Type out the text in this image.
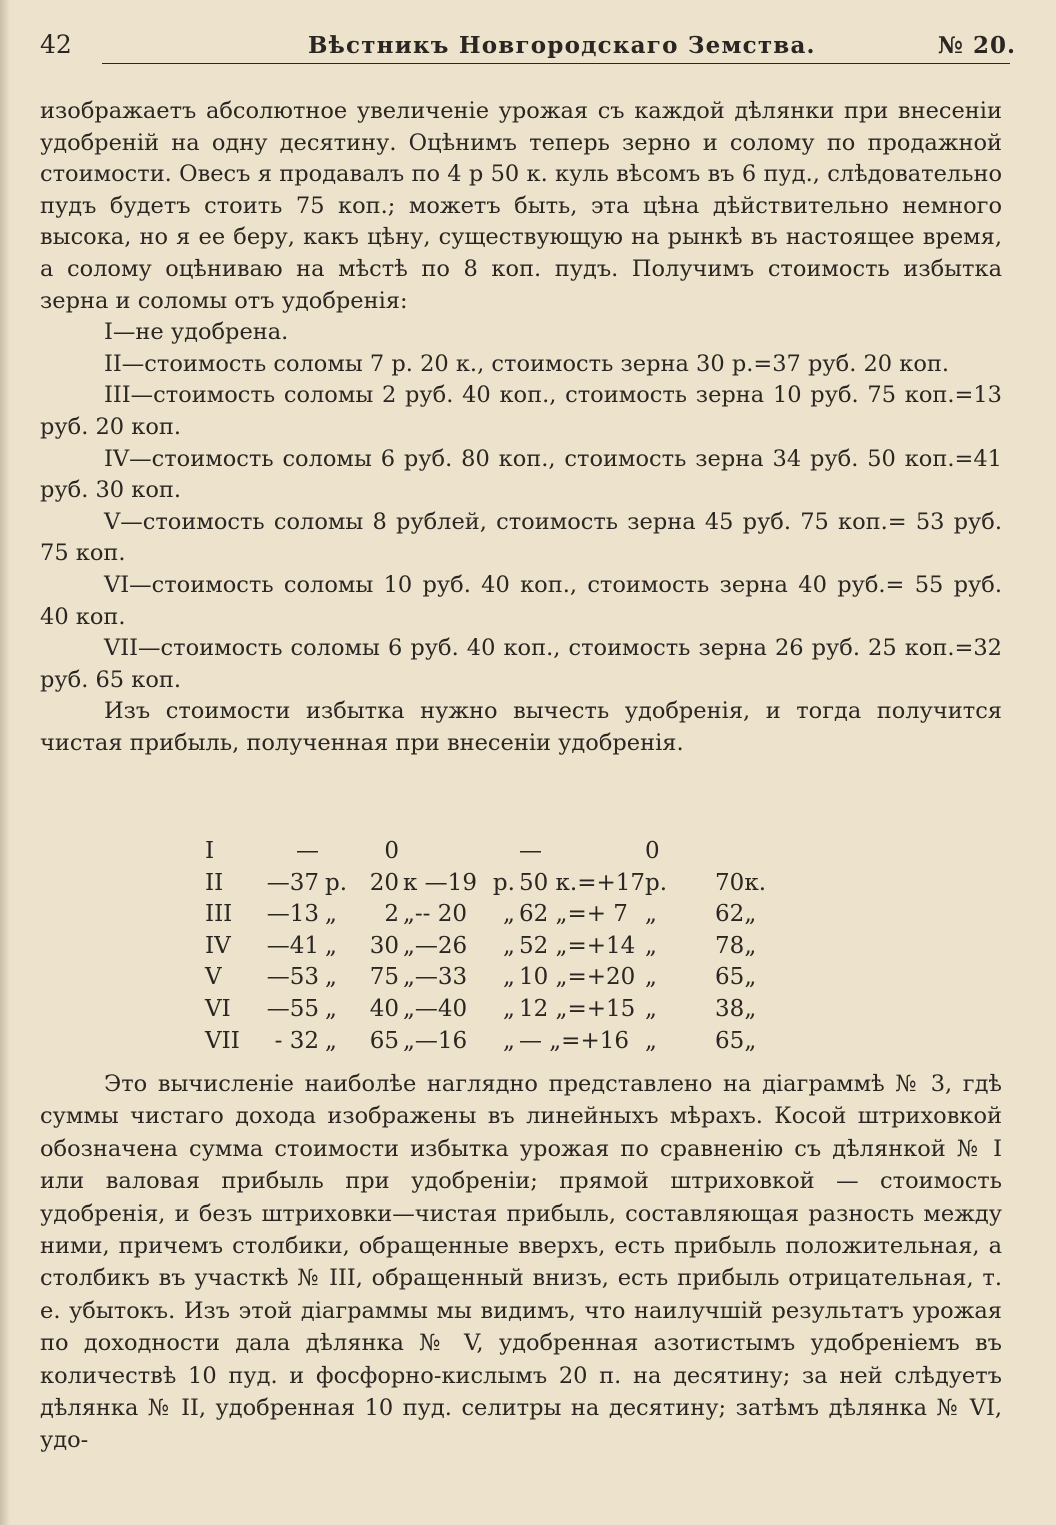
42	Вѣстникъ Новгородскаго Земства.	№ 20.

изображаетъ абсолютное увеличеніе урожая съ каждой дѣлянки при внесеніи удобреній на одну десятину. Оцѣнимъ теперь зерно и солому по продажной стоимости. Овесъ я продавалъ по 4 р 50 к. куль вѣсомъ въ 6 пуд., слѣдовательно пудъ будетъ стоить 75 коп.; можетъ быть, эта цѣна дѣйствительно немного высока, но я ее беру, какъ цѣну, существующую на рынкѣ въ настоящее время, а солому оцѣниваю на мѣстѣ по 8 коп. пудъ. Получимъ стоимость избытка зерна и соломы отъ удобренія:

I—не удобрена.

II—стоимость соломы 7 р. 20 к., стоимость зерна 30 р.=37 руб. 20 коп.

III—стоимость соломы 2 руб. 40 коп., стоимость зерна 10 руб. 75 коп.=13 руб. 20 коп.

IV—стоимость соломы 6 руб. 80 коп., стоимость зерна 34 руб. 50 коп.=41 руб. 30 коп.

V—стоимость соломы 8 рублей, стоимость зерна 45 руб. 75 коп.= 53 руб. 75 коп.

VI—стоимость соломы 10 руб. 40 коп., стоимость зерна 40 руб.= 55 руб. 40 коп.

VII—стоимость соломы 6 руб. 40 коп., стоимость зерна 26 руб. 25 коп.=32 руб. 65 коп.

Изъ стоимости избытка нужно вычесть удобренія, и тогда получится чистая прибыль, полученная при внесеніи удобренія.

I	—		0			—	0			
II	—37	р.	20	к —19	р.	50 к.=+17	р.	70	к.	
III	—13	„	2	„-- 20	„	62 „=+ 7	„	62	„	
IV	—41	„	30	„—26	„	52 „=+14	„	78	„	
V	—53	„	75	„—33	„	10 „=+20	„	65	„	
VI	—55	„	40	„—40	„	12 „=+15	„	38	„	
VII	- 32	„	65	„—16	„	— „=+16	„	65	„	

Это вычисленіе наиболѣе наглядно представлено на діаграммѣ № 3, гдѣ суммы чистаго дохода изображены въ линейныхъ мѣрахъ. Косой штриховкой обозначена сумма стоимости избытка урожая по сравненію съ дѣлянкой № I или валовая прибыль при удобреніи; прямой штриховкой — стоимость удобренія, и безъ штриховки—чистая прибыль, составляющая разность между ними, причемъ столбики, обращенные вверхъ, есть прибыль положительная, а столбикъ въ участкѣ № III, обращенный внизъ, есть прибыль отрицательная, т. е. убытокъ. Изъ этой діаграммы мы видимъ, что наилучшій результатъ урожая по доходности дала дѣлянка № V, удобренная азотистымъ удобреніемъ въ количествѣ 10 пуд. и фосфорно-кислымъ 20 п. на десятину; за ней слѣдуетъ дѣлянка № II, удобренная 10 пуд. селитры на десятину; затѣмъ дѣлянка № VI, удо-
